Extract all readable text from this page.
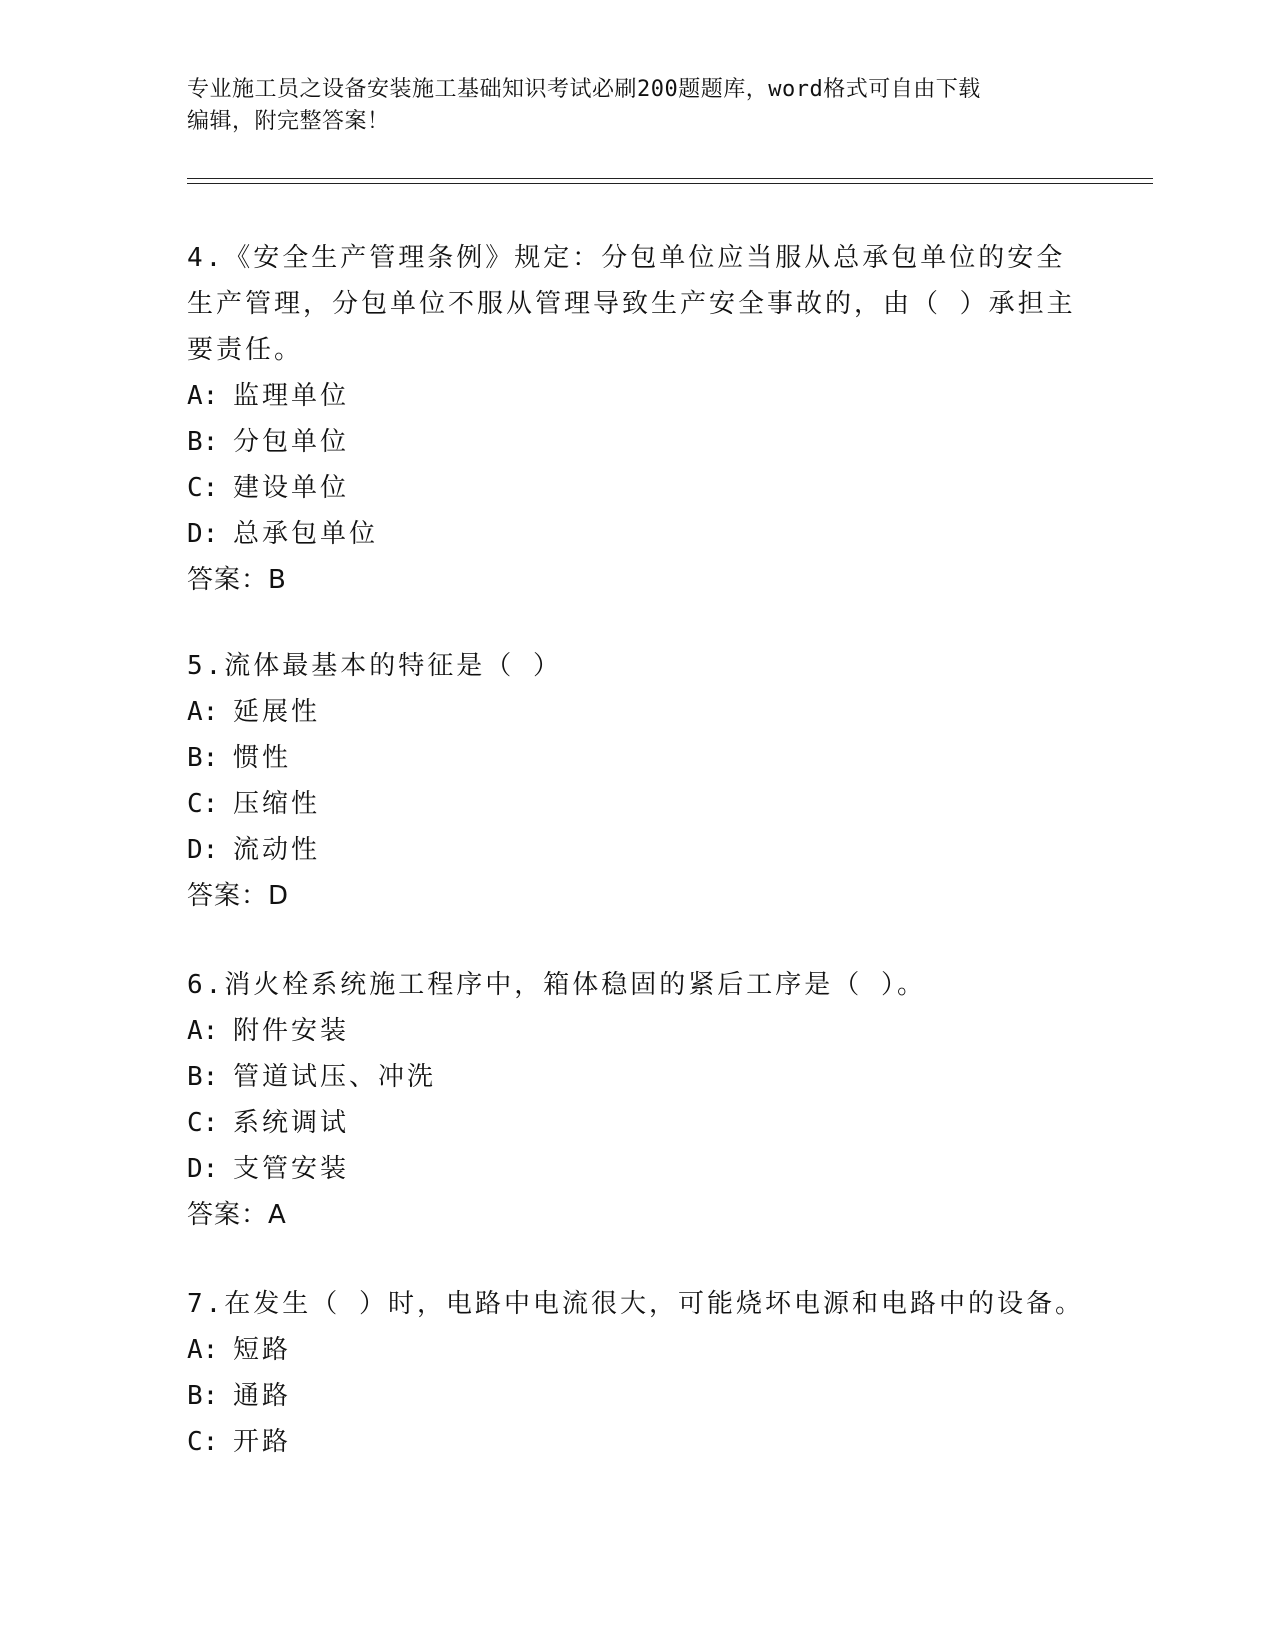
专业施工员之设备安装施工基础知识考试必刷200题题库，word格式可自由下载
编辑，附完整答案！

4.《安全生产管理条例》规定：分包单位应当服从总承包单位的安全

生产管理，分包单位不服从管理导致生产安全事故的，由（ ）承担主

要责任。

A: 监理单位

B: 分包单位

C: 建设单位

D: 总承包单位

答案：B

5.流体最基本的特征是（ ）

A: 延展性

B: 惯性

C: 压缩性

D: 流动性

答案：D

6.消火栓系统施工程序中，箱体稳固的紧后工序是（ ）。

A: 附件安装

B: 管道试压、冲洗

C: 系统调试

D: 支管安装

答案：A

7.在发生（ ）时，电路中电流很大，可能烧坏电源和电路中的设备。

A: 短路

B: 通路

C: 开路
